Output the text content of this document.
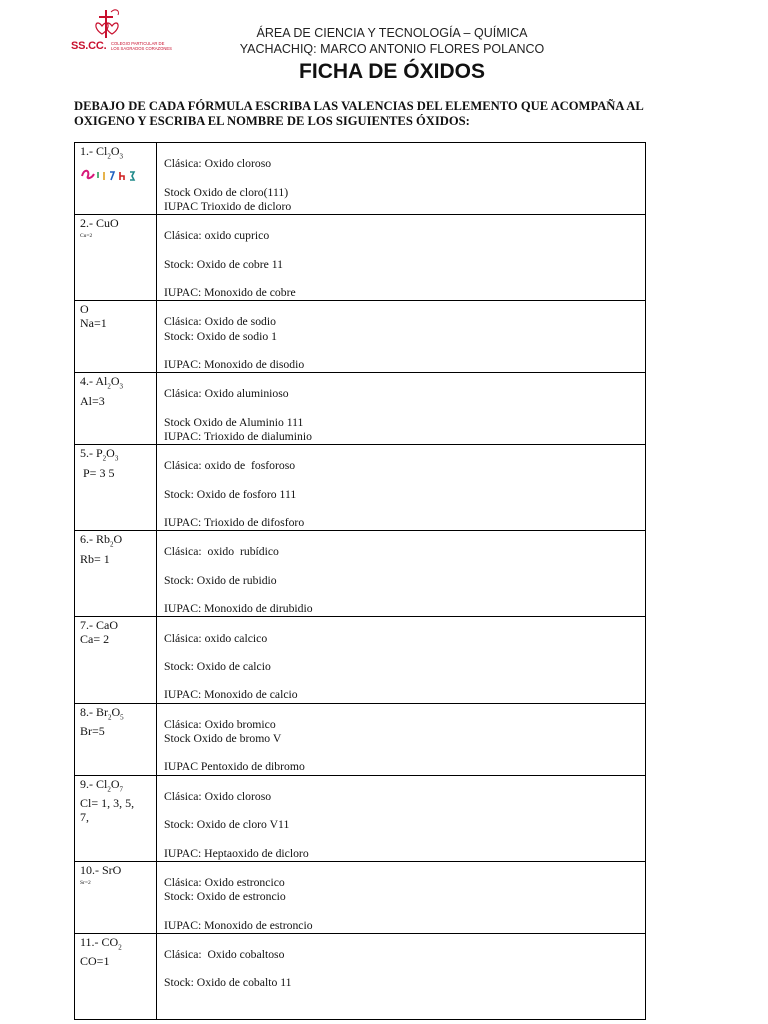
SS.CC. COLEGIO PARTICULAR DE LOS SAGRADOS CORAZONES
ÁREA DE CIENCIA Y TECNOLOGÍA – QUÍMICA
YACHACHIQ: MARCO ANTONIO FLORES POLANCO
FICHA DE ÓXIDOS
DEBAJO DE CADA FÓRMULA ESCRIBA LAS VALENCIAS DEL ELEMENTO QUE ACOMPAÑA AL OXIGENO Y ESCRIBA EL NOMBRE DE LOS SIGUIENTES ÓXIDOS:
1.- $Cl_2O_3$	Clásica: Oxido cloroso
Stock Oxido de cloro(111)
IUPAC Trioxido de dicloro

2.- CuO
Cu=2	Clásica: oxido cuprico
Stock: Oxido de cobre 11
IUPAC: Monoxido de cobre

O
Na=1	Clásica: Oxido de sodio
Stock: Oxido de sodio 1
IUPAC: Monoxido de disodio

4.- $Al_2O_3$
Al=3	Clásica: Oxido aluminioso
Stock Oxido de Aluminio 111
IUPAC: Trioxido de dialuminio

5.- $P_2O_3$
P= 3 5	Clásica: oxido de  fosforoso
Stock: Oxido de fosforo 111
IUPAC: Trioxido de difosforo

6.- $Rb_2O$
Rb= 1	Clásica:  oxido  rubídico
Stock: Oxido de rubidio
IUPAC: Monoxido de dirubidio

7.- CaO
Ca= 2	Clásica: oxido calcico
Stock: Oxido de calcio
IUPAC: Monoxido de calcio

8.- $Br_2O_5$
Br=5	Clásica: Oxido bromico
Stock Oxido de bromo V
IUPAC Pentoxido de dibromo

9.- $Cl_2O_7$
Cl= 1, 3, 5,
7,	Clásica: Oxido cloroso
Stock: Oxido de cloro V11
IUPAC: Heptaoxido de dicloro

10.- SrO
Sr=2	Clásica: Oxido estroncico
Stock: Oxido de estroncio
IUPAC: Monoxido de estroncio

11.- $CO_2$
CO=1	Clásica:  Oxido cobaltoso
Stock: Oxido de cobalto 11
